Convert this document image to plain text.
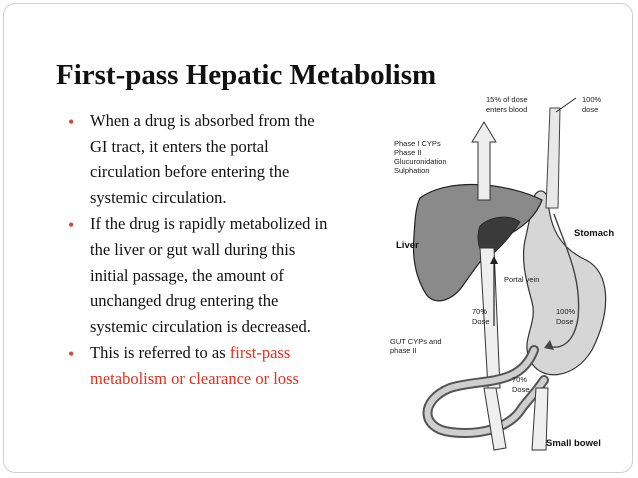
First-pass Hepatic Metabolism
• When a drug is absorbed from the
GI tract, it enters the portal
circulation before entering the
systemic circulation.
• If the drug is rapidly metabolized in
the liver or gut wall during this
initial passage, the amount of
unchanged drug entering the
systemic circulation is decreased.
• This is referred to as first-pass
metabolism or clearance or loss
15% of dose
enters blood
100%
dose
Phase I CYPs
Phase II
Glucuronidation
Sulphation
Liver
Stomach
Portal vein
70%
Dose
100%
Dose
GUT CYPs and
phase II
70%
Dose
Small bowel
